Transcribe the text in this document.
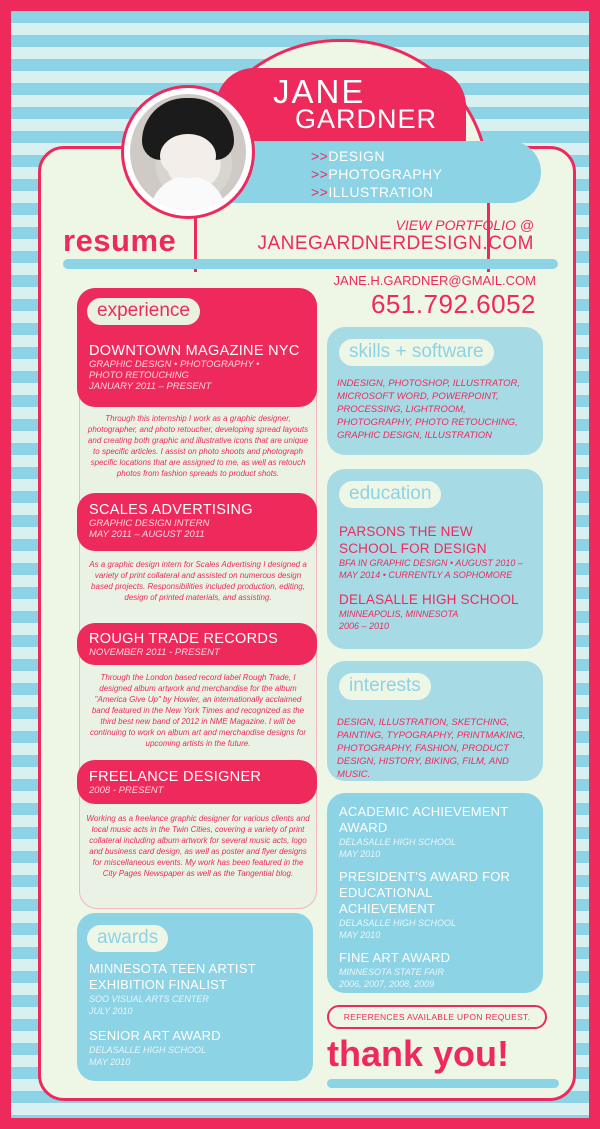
JANE
GARDNER
>>DESIGN
>>PHOTOGRAPHY
>>ILLUSTRATION
resume	VIEW PORTFOLIO @
JANEGARDNERDESIGN.COM
JANE.H.GARDNER@GMAIL.COM
651.792.6052
experience
DOWNTOWN MAGAZINE NYC
GRAPHIC DESIGN • PHOTOGRAPHY • PHOTO RETOUCHING
JANUARY 2011 – PRESENT
Through this internship I work as a graphic designer, photographer, and photo retoucher, developing spread layouts and creating both graphic and illustrative icons that are unique to specific articles. I assist on photo shoots and photograph specific locations that are assigned to me, as well as retouch photos from fashion spreads to product shots.
SCALES ADVERTISING
GRAPHIC DESIGN INTERN
MAY 2011 – AUGUST 2011
As a graphic design intern for Scales Advertising I designed a variety of print collateral and assisted on numerous design based projects. Responsibilities included production, editing, design of printed materials, and assisting.
ROUGH TRADE RECORDS
NOVEMBER 2011 - PRESENT
Through the London based record label Rough Trade, I designed album artwork and merchandise for the album "America Give Up" by Howler, an internationally acclaimed band featured in the New York Times and recognized as the third best new band of 2012 in NME Magazine. I will be continuing to work on album art and merchandise designs for upcoming artists in the future.
FREELANCE DESIGNER
2008 - PRESENT
Working as a freelance graphic designer for various clients and local music acts in the Twin Cities, covering a variety of print collateral including album artwork for several music acts, logo and business card design, as well as poster and flyer designs for miscellaneous events. My work has been featured in the City Pages Newspaper as well as the Tangential blog.
awards
MINNESOTA TEEN ARTIST EXHIBITION FINALIST
SOO VISUAL ARTS CENTER
JULY 2010
SENIOR ART AWARD
DELASALLE HIGH SCHOOL
MAY 2010
skills + software
INDESIGN, PHOTOSHOP, ILLUSTRATOR, MICROSOFT WORD, POWERPOINT, PROCESSING, LIGHTROOM, PHOTOGRAPHY, PHOTO RETOUCHING, GRAPHIC DESIGN, ILLUSTRATION
education
PARSONS THE NEW SCHOOL FOR DESIGN
BFA IN GRAPHIC DESIGN • AUGUST 2010 – MAY 2014 • CURRENTLY A SOPHOMORE
DELASALLE HIGH SCHOOL
MINNEAPOLIS, MINNESOTA
2006 – 2010
interests
DESIGN, ILLUSTRATION, SKETCHING, PAINTING, TYPOGRAPHY, PRINTMAKING, PHOTOGRAPHY, FASHION, PRODUCT DESIGN, HISTORY, BIKING, FILM, AND MUSIC.
ACADEMIC ACHIEVEMENT AWARD
DELASALLE HIGH SCHOOL
MAY 2010
PRESIDENT'S AWARD FOR EDUCATIONAL ACHIEVEMENT
DELASALLE HIGH SCHOOL
MAY 2010
FINE ART AWARD
MINNESOTA STATE FAIR
2006, 2007, 2008, 2009
REFERENCES AVAILABLE UPON REQUEST.
thank you!
